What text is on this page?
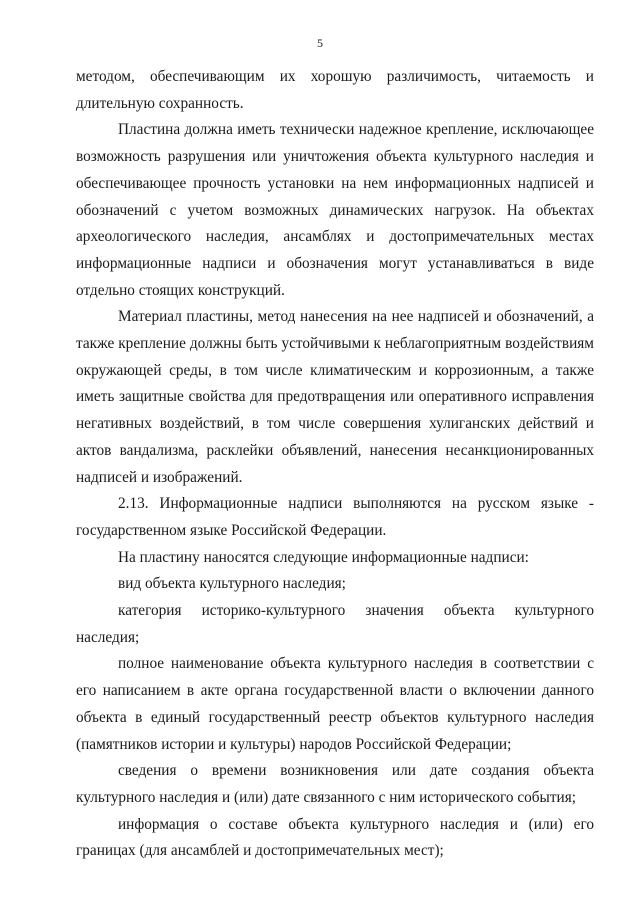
5

методом, обеспечивающим их хорошую различимость, читаемость и длительную сохранность.

Пластина должна иметь технически надежное крепление, исключающее возможность разрушения или уничтожения объекта культурного наследия и обеспечивающее прочность установки на нем информационных надписей и обозначений с учетом возможных динамических нагрузок. На объектах археологического наследия, ансамблях и достопримечательных местах информационные надписи и обозначения могут устанавливаться в виде отдельно стоящих конструкций.

Материал пластины, метод нанесения на нее надписей и обозначений, а также крепление должны быть устойчивыми к неблагоприятным воздействиям окружающей среды, в том числе климатическим и коррозионным, а также иметь защитные свойства для предотвращения или оперативного исправления негативных воздействий, в том числе совершения хулиганских действий и актов вандализма, расклейки объявлений, нанесения несанкционированных надписей и изображений.

2.13. Информационные надписи выполняются на русском языке - государственном языке Российской Федерации.

На пластину наносятся следующие информационные надписи:

вид объекта культурного наследия;

категория историко-культурного значения объекта культурного наследия;

полное наименование объекта культурного наследия в соответствии с его написанием в акте органа государственной власти о включении данного объекта в единый государственный реестр объектов культурного наследия (памятников истории и культуры) народов Российской Федерации;

сведения о времени возникновения или дате создания объекта культурного наследия и (или) дате связанного с ним исторического события;

информация о составе объекта культурного наследия и (или) его границах (для ансамблей и достопримечательных мест);
